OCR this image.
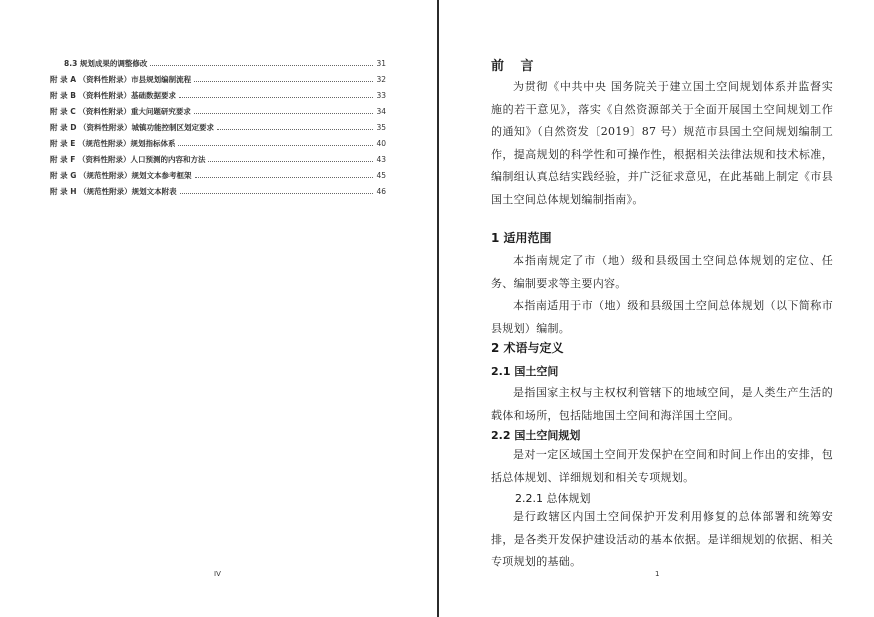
8.3 规划成果的调整修改	31
附 录 A （资料性附录）市县规划编制流程	32
附 录 B （资料性附录）基础数据要求	33
附 录 C （资料性附录）重大问题研究要求	34
附 录 D （资料性附录）城镇功能控制区划定要求	35
附 录 E （规范性附录）规划指标体系	40
附 录 F （资料性附录）人口预测的内容和方法	43
附 录 G （规范性附录）规划文本参考框架	45
附 录 H （规范性附录）规划文本附表	46
IV
前 言
为贯彻《中共中央 国务院关于建立国土空间规划体系并监督实施的若干意见》，落实《自然资源部关于全面开展国土空间规划工作的通知》（自然资发〔2019〕87 号）规范市县国土空间规划编制工作，提高规划的科学性和可操作性，根据相关法律法规和技术标准，编制组认真总结实践经验，并广泛征求意见，在此基础上制定《市县国土空间总体规划编制指南》。
1 适用范围
本指南规定了市（地）级和县级国土空间总体规划的定位、任务、编制要求等主要内容。
本指南适用于市（地）级和县级国土空间总体规划（以下简称市县规划）编制。
2 术语与定义
2.1 国土空间
是指国家主权与主权权利管辖下的地域空间，是人类生产生活的载体和场所，包括陆地国土空间和海洋国土空间。
2.2 国土空间规划
是对一定区域国土空间开发保护在空间和时间上作出的安排，包括总体规划、详细规划和相关专项规划。
2.2.1 总体规划
是行政辖区内国土空间保护开发利用修复的总体部署和统筹安排，是各类开发保护建设活动的基本依据。是详细规划的依据、相关专项规划的基础。
1
